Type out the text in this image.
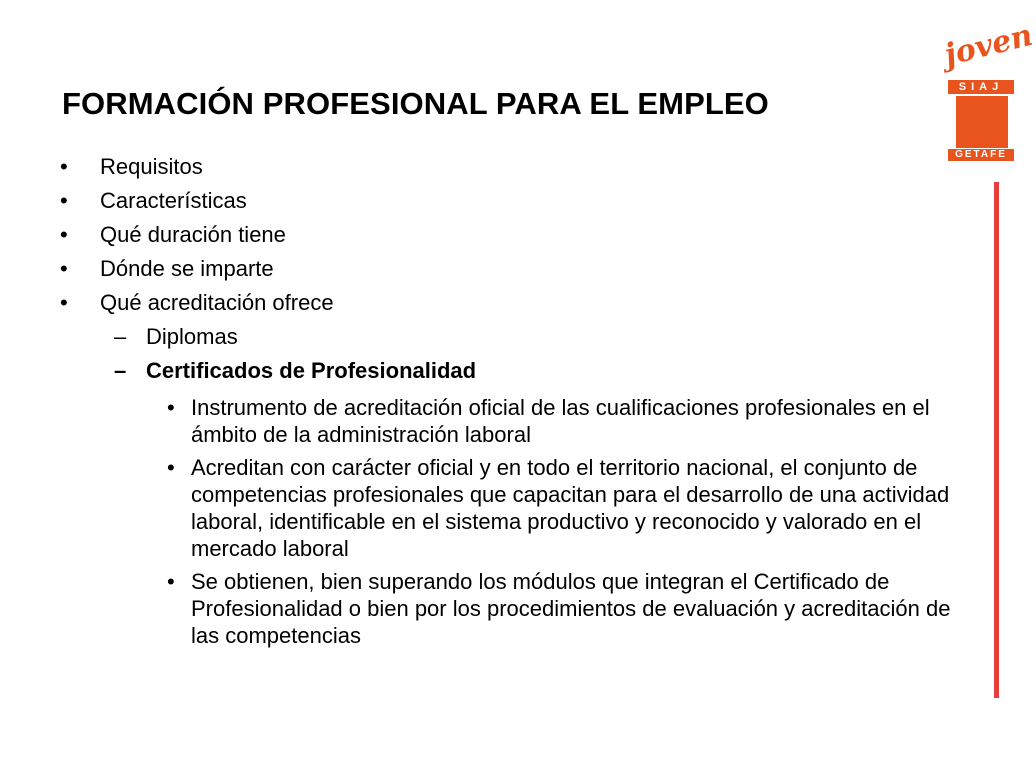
FORMACIÓN PROFESIONAL PARA EL EMPLEO
• Requisitos
• Características
• Qué duración tiene
• Dónde se imparte
• Qué acreditación ofrece
– Diplomas
– Certificados de Profesionalidad
• Instrumento de acreditación oficial de las cualificaciones profesionales en el ámbito de la administración laboral
• Acreditan con carácter oficial y en todo el territorio nacional, el conjunto de competencias profesionales que capacitan para el desarrollo de una actividad laboral, identificable en el sistema productivo y reconocido y valorado en el mercado laboral
• Se obtienen, bien superando los módulos que integran el Certificado de Profesionalidad o bien por los procedimientos de evaluación y acreditación de las competencias
joven
SIAJ
GETAFE
